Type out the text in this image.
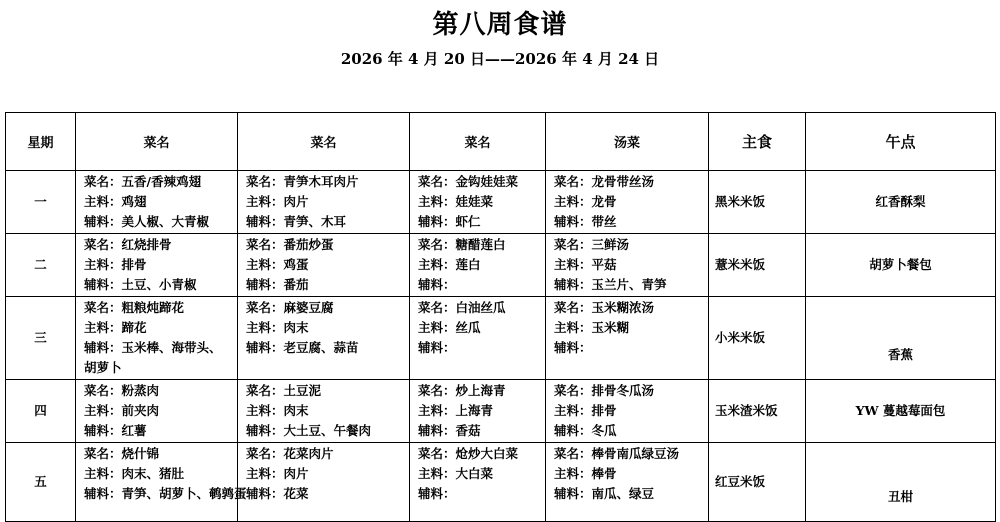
第八周食谱
2026 年 4 月 20 日——2026 年 4 月 24 日
星期	菜名	菜名	菜名	汤菜	主食	午点
一	菜名：五香/香辣鸡翅
主料：鸡翅
辅料：美人椒、大青椒	菜名：青笋木耳肉片
主料：肉片
辅料：青笋、木耳	菜名：金钩娃娃菜
主料：娃娃菜
辅料：虾仁	菜名：龙骨带丝汤
主料：龙骨
辅料：带丝	黑米米饭	红香酥梨
二	菜名：红烧排骨
主料：排骨
辅料：土豆、小青椒	菜名：番茄炒蛋
主料：鸡蛋
辅料：番茄	菜名：糖醋莲白
主料：莲白
辅料：	菜名：三鲜汤
主料：平菇
辅料：玉兰片、青笋	薏米米饭	胡萝卜餐包
三	菜名：粗粮炖蹄花
主料：蹄花
辅料：玉米棒、海带头、胡萝卜	菜名：麻婆豆腐
主料：肉末
辅料：老豆腐、蒜苗	菜名：白油丝瓜
主料：丝瓜
辅料：	菜名：玉米糊浓汤
主料：玉米糊
辅料：	小米米饭	香蕉
四	菜名：粉蒸肉
主料：前夹肉
辅料：红薯	菜名：土豆泥
主料：肉末
辅料：大土豆、午餐肉	菜名：炒上海青
主料：上海青
辅料：香菇	菜名：排骨冬瓜汤
主料：排骨
辅料：冬瓜	玉米渣米饭	YW 蔓越莓面包
五	菜名：烧什锦
主料：肉末、猪肚
辅料：青笋、胡萝卜、鹌鹑蛋	菜名：花菜肉片
主料：肉片
辅料：花菜	菜名：炝炒大白菜
主料：大白菜
辅料：	菜名：棒骨南瓜绿豆汤
主料：棒骨
辅料：南瓜、绿豆	红豆米饭	丑柑
